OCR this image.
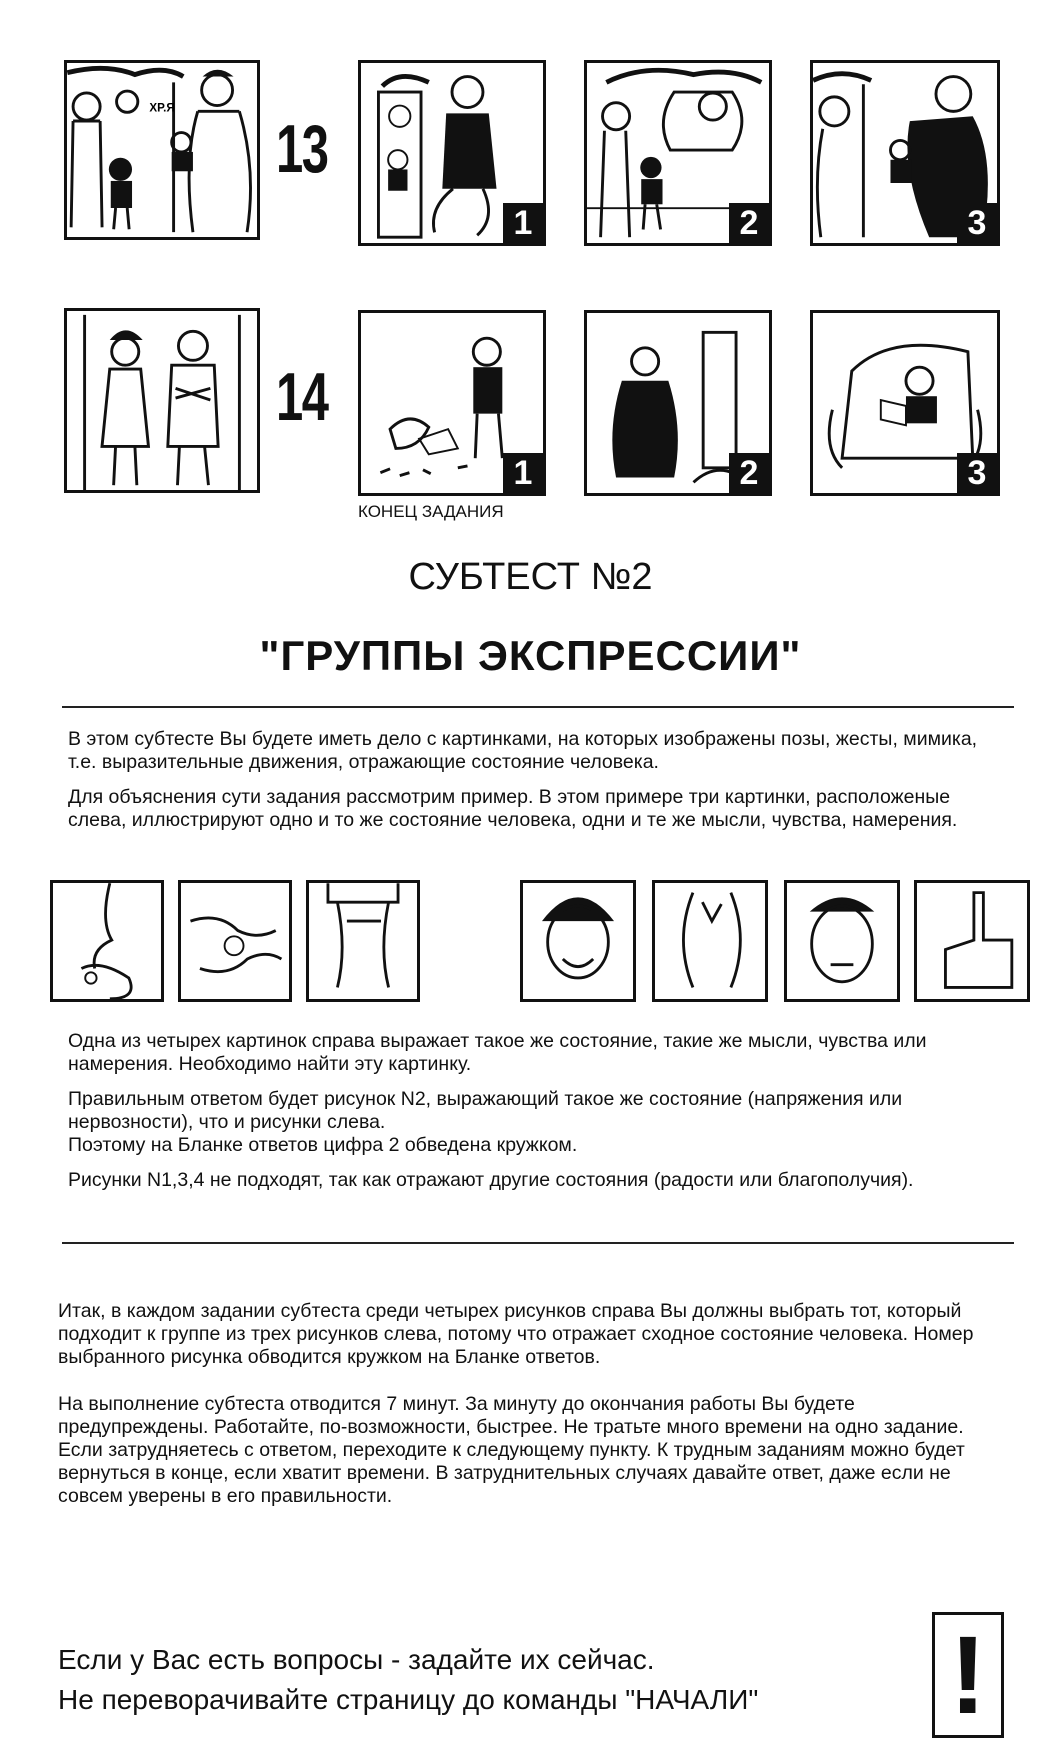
ХР.Я
13
1	2	3
14
1	2	3
КОНЕЦ ЗАДАНИЯ
СУБТЕСТ №2
"ГРУППЫ ЭКСПРЕССИИ"

В этом субтесте Вы будете иметь дело с картинками, на которых изображены позы, жесты, мимика, т.е. выразительные движения, отражающие состояние человека.

Для объяснения сути задания рассмотрим пример. В этом примере три картинки, расположеные слева, иллюстрируют одно и то же состояние человека, одни и те же мысли, чувства, намерения.

Одна из четырех картинок справа выражает такое же состояние, такие же мысли, чувства или намерения. Необходимо найти эту картинку.

Правильным ответом будет рисунок N2, выражающий такое же состояние (напряжения или нервозности), что и рисунки слева.

Поэтому на Бланке ответов цифра 2 обведена кружком.

Рисунки N1,3,4 не подходят, так как отражают другие состояния (радости или благополучия).

Итак, в каждом задании субтеста среди четырех рисунков справа Вы должны выбрать тот, который подходит к группе из трех рисунков слева, потому что отражает сходное состояние человека. Номер выбранного рисунка обводится кружком на Бланке ответов.

На выполнение субтеста отводится 7 минут. За минуту до окончания работы Вы будете предупреждены. Работайте, по-возможности, быстрее. Не тратьте много времени на одно задание. Если затрудняетесь с ответом, переходите к следующему пункту. К трудным заданиям можно будет вернуться в конце, если хватит времени. В затруднительных случаях давайте ответ, даже если не совсем уверены в его правильности.

Если у Вас есть вопросы - задайте их сейчас.
Не переворачивайте страницу до команды "НАЧАЛИ"	!
